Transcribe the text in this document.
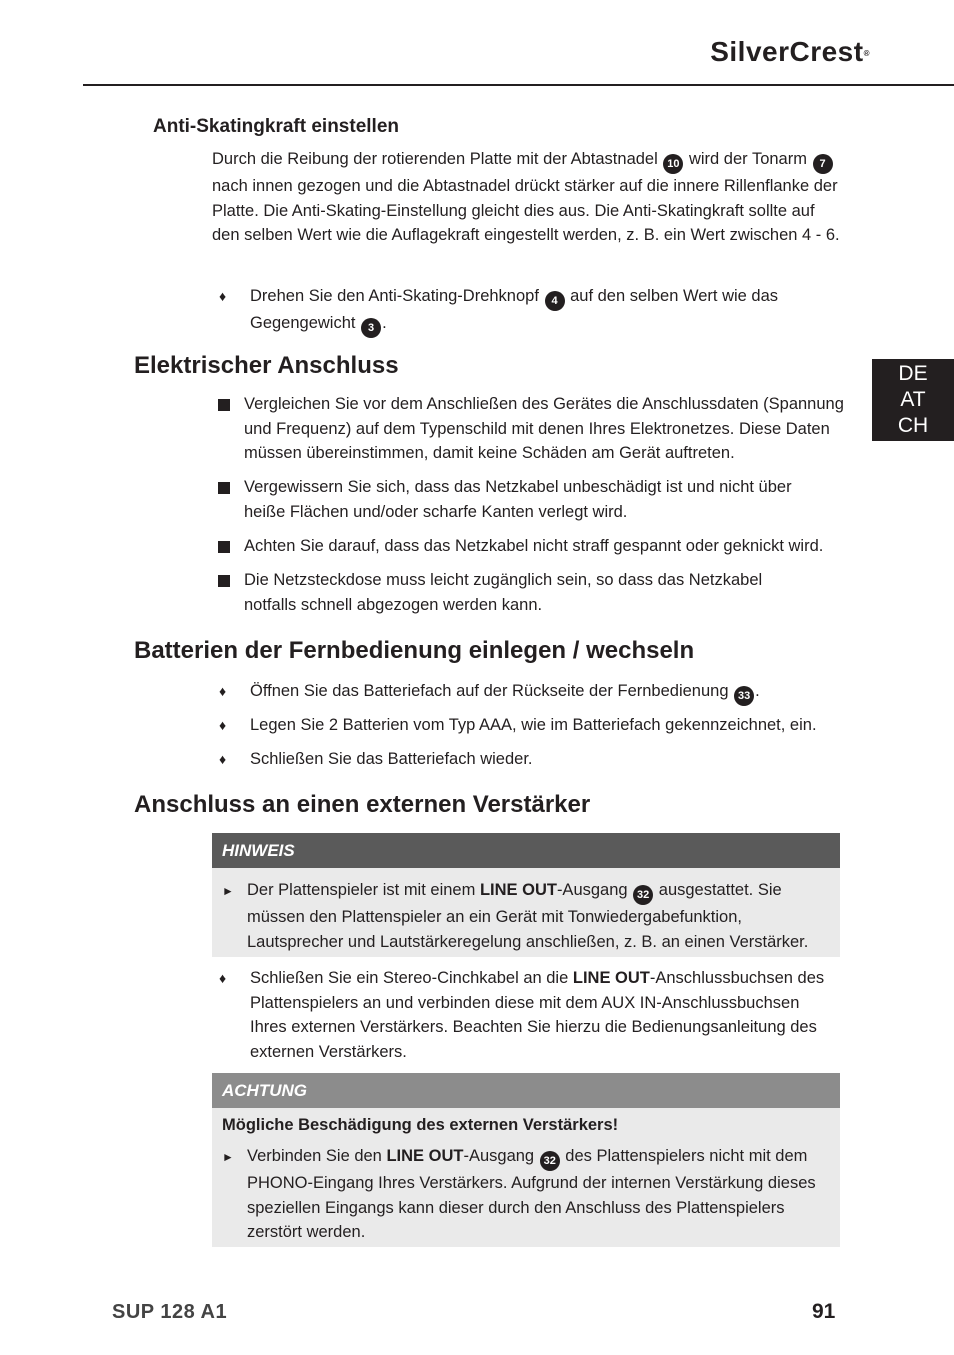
SilverCrest®
DE
AT
CH
Anti-Skatingkraft einstellen

Durch die Reibung der rotierenden Platte mit der Abtastnadel 10 wird der Tonarm 7 nach innen gezogen und die Abtastnadel drückt stärker auf die innere Rillenflanke der Platte. Die Anti-Skating-Einstellung gleicht dies aus. Die Anti-Skatingkraft sollte auf den selben Wert wie die Auflagekraft eingestellt werden, z. B. ein Wert zwischen 4 - 6.

♦ Drehen Sie den Anti-Skating-Drehknopf 4 auf den selben Wert wie das Gegengewicht 3 .

Elektrischer Anschluss

Vergleichen Sie vor dem Anschließen des Gerätes die Anschlussdaten (Spannung und Frequenz) auf dem Typenschild mit denen Ihres Elektronetzes. Diese Daten müssen übereinstimmen, damit keine Schäden am Gerät auftreten.

Vergewissern Sie sich, dass das Netzkabel unbeschädigt ist und nicht über heiße Flächen und/oder scharfe Kanten verlegt wird.

Achten Sie darauf, dass das Netzkabel nicht straff gespannt oder geknickt wird.

Die Netzsteckdose muss leicht zugänglich sein, so dass das Netzkabel notfalls schnell abgezogen werden kann.

Batterien der Fernbedienung einlegen / wechseln
♦ Öffnen Sie das Batteriefach auf der Rückseite der Fernbedienung 33 .

♦ Legen Sie 2 Batterien vom Typ AAA, wie im Batteriefach gekennzeichnet, ein.

♦ Schließen Sie das Batteriefach wieder.

Anschluss an einen externen Verstärker
HINWEIS
► Der Plattenspieler ist mit einem LINE OUT-Ausgang 32 ausgestattet. Sie müssen den Plattenspieler an ein Gerät mit Tonwiedergabefunktion, Lautsprecher und Lautstärkeregelung anschließen, z. B. an einen Verstärker.

♦ Schließen Sie ein Stereo-Cinchkabel an die LINE OUT-Anschlussbuchsen des Plattenspielers an und verbinden diese mit dem AUX IN-Anschlussbuchsen Ihres externen Verstärkers. Beachten Sie hierzu die Bedienungsanleitung des externen Verstärkers.

ACHTUNG

Mögliche Beschädigung des externen Verstärkers!

► Verbinden Sie den LINE OUT-Ausgang 32 des Plattenspielers nicht mit dem PHONO-Eingang Ihres Verstärkers. Aufgrund der internen Verstärkung dieses speziellen Eingangs kann dieser durch den Anschluss des Plattenspielers zerstört werden.

SUP 128 A1	91
